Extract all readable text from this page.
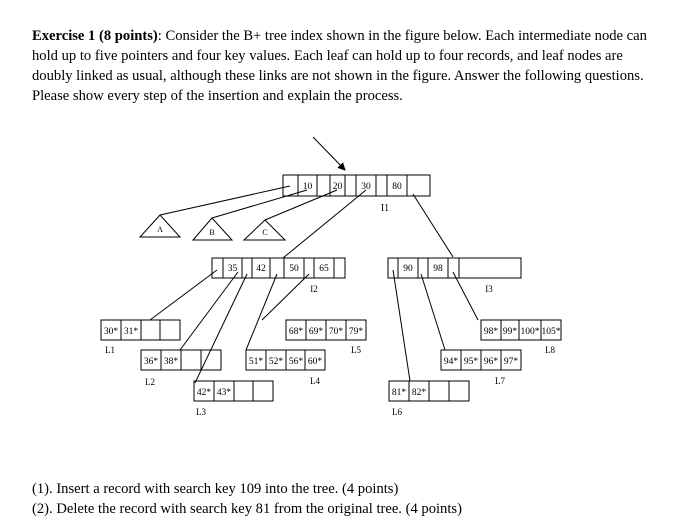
Exercise 1 (8 points): Consider the B+ tree index shown in the figure below. Each intermediate node can hold up to five pointers and four key values. Each leaf can hold up to four records, and leaf nodes are doubly linked as usual, although these links are not shown in the figure. Answer the following questions. Please show every step of the insertion and explain the process.

10 20 30 80
I1
A	B	C
35 42 50 65
I2
90 98
I3
30* 31*
L1
36* 38*
L2
42* 43*
L3
51* 52* 56* 60*
L4
68* 69* 70* 79*
L5
81* 82*
L6
94* 95* 96* 97*
L7
98* 99* 100* 105*
L8

(1). Insert a record with search key 109 into the tree. (4 points)

(2). Delete the record with search key 81 from the original tree. (4 points)
